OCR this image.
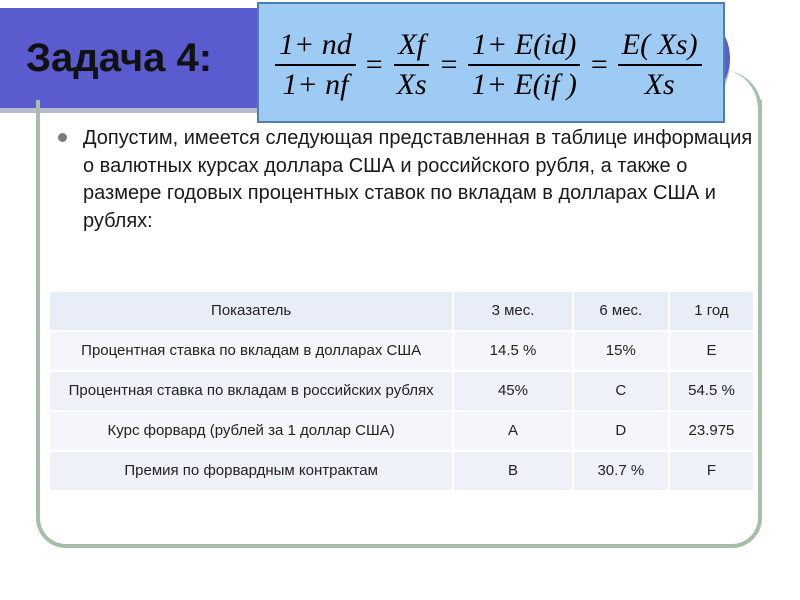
Задача 4: $\frac{1+ nd}{1+ nf} = \frac{Xf}{Xs} = \frac{1+ E(id)}{1+ E(if )} = \frac{E( Xs)}{Xs}$
Допустим, имеется следующая представленная в таблице информация о валютных курсах доллара США и российского рубля, а также о размере годовых процентных ставок по вкладам в долларах США и рублях:
Показатель	3 мес.	6 мес.	1 год
Процентная ставка по вкладам в долларах США	14.5 %	15%	E
Процентная ставка по вкладам в российских рублях	45%	C	54.5 %
Курс форвард (рублей за 1 доллар США)	A	D	23.975
Премия по форвардным контрактам	B	30.7 %	F
